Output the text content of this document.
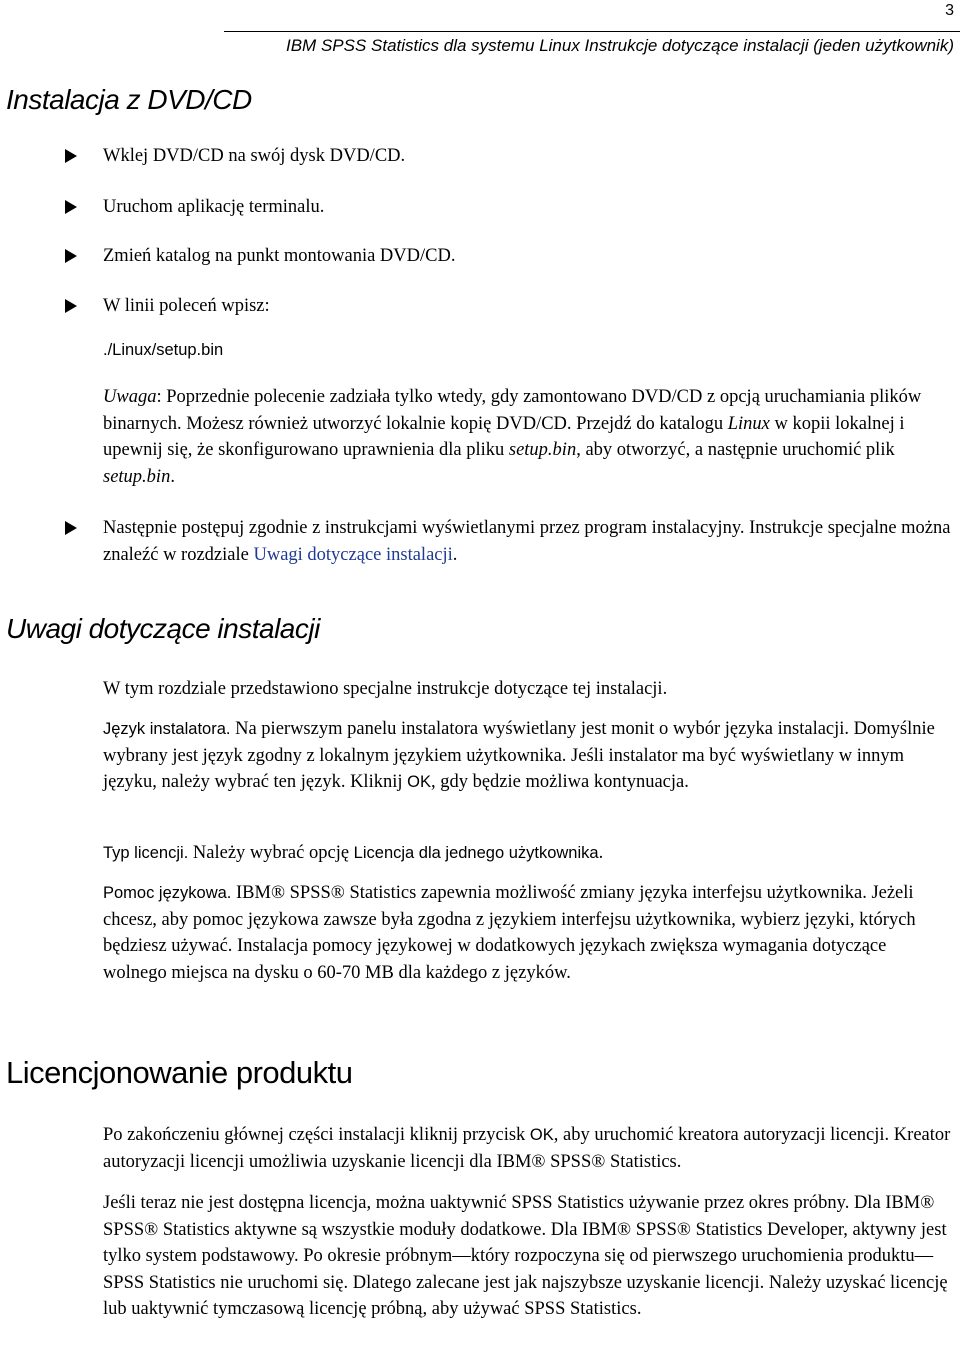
3
IBM SPSS Statistics dla systemu Linux Instrukcje dotyczące instalacji (jeden użytkownik)
Instalacja z DVD/CD
Wklej DVD/CD na swój dysk DVD/CD.
Uruchom aplikację terminalu.
Zmień katalog na punkt montowania DVD/CD.
W linii poleceń wpisz:
./Linux/setup.bin

Uwaga: Poprzednie polecenie zadziała tylko wtedy, gdy zamontowano DVD/CD z opcją uruchamiania plików binarnych. Możesz również utworzyć lokalnie kopię DVD/CD. Przejdź do katalogu Linux w kopii lokalnej i upewnij się, że skonfigurowano uprawnienia dla pliku setup.bin, aby otworzyć, a następnie uruchomić plik setup.bin.

Następnie postępuj zgodnie z instrukcjami wyświetlanymi przez program instalacyjny. Instrukcje specjalne można znaleźć w rozdziale Uwagi dotyczące instalacji.
Uwagi dotyczące instalacji

W tym rozdziale przedstawiono specjalne instrukcje dotyczące tej instalacji.

Język instalatora. Na pierwszym panelu instalatora wyświetlany jest monit o wybór języka instalacji. Domyślnie wybrany jest język zgodny z lokalnym językiem użytkownika. Jeśli instalator ma być wyświetlany w innym języku, należy wybrać ten język. Kliknij OK, gdy będzie możliwa kontynuacja.

Typ licencji. Należy wybrać opcję Licencja dla jednego użytkownika.

Pomoc językowa. IBM® SPSS® Statistics zapewnia możliwość zmiany języka interfejsu użytkownika. Jeżeli chcesz, aby pomoc językowa zawsze była zgodna z językiem interfejsu użytkownika, wybierz języki, których będziesz używać. Instalacja pomocy językowej w dodatkowych językach zwiększa wymagania dotyczące wolnego miejsca na dysku o 60-70 MB dla każdego z języków.

Licencjonowanie produktu

Po zakończeniu głównej części instalacji kliknij przycisk OK, aby uruchomić kreatora autoryzacji licencji. Kreator autoryzacji licencji umożliwia uzyskanie licencji dla IBM® SPSS® Statistics.

Jeśli teraz nie jest dostępna licencja, można uaktywnić SPSS Statistics używanie przez okres próbny. Dla IBM® SPSS® Statistics aktywne są wszystkie moduły dodatkowe. Dla IBM® SPSS® Statistics Developer, aktywny jest tylko system podstawowy. Po okresie próbnym—który rozpoczyna się od pierwszego uruchomienia produktu—SPSS Statistics nie uruchomi się. Dlatego zalecane jest jak najszybsze uzyskanie licencji. Należy uzyskać licencję lub uaktywnić tymczasową licencję próbną, aby używać SPSS Statistics.
